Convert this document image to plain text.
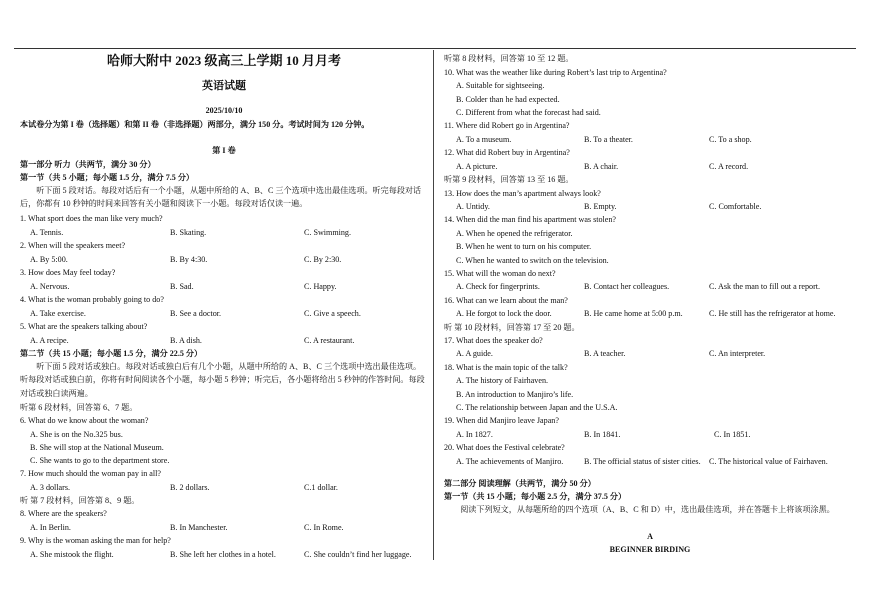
哈师大附中 2023 级高三上学期 10 月月考
英语试题
2025/10/10
本试卷分为第 I 卷（选择题）和第 II 卷（非选择题）两部分，满分 150 分。考试时间为 120 分钟。
第 I 卷
第一部分 听力（共两节，满分 30 分）
第一节（共 5 小题；每小题 1.5 分，满分 7.5 分）
听下面 5 段对话。每段对话后有一个小题，从题中所给的 A、B、C 三个选项中选出最佳选项。听完每段对话后，你都有 10 秒钟的时间来回答有关小题和阅读下一小题。每段对话仅读一遍。
1. What sport does the man like very much?
A. Tennis.	B. Skating.	C. Swimming.
2. When will the speakers meet?
A. By 5:00.	B. By 4:30.	C. By 2:30.
3. How does May feel today?
A. Nervous.	B. Sad.	C. Happy.
4. What is the woman probably going to do?
A. Take exercise.	B. See a doctor.	C. Give a speech.
5. What are the speakers talking about?
A. A recipe.	B. A dish.	C. A restaurant.
第二节（共 15 小题；每小题 1.5 分，满分 22.5 分）
听下面 5 段对话或独白。每段对话或独白后有几个小题，从题中所给的 A、B、C 三个选项中选出最佳选项。听每段对话或独白前，你将有时间阅读各个小题，每小题 5 秒钟；听完后，各小题将给出 5 秒钟的作答时间。每段对话或独白读两遍。
听第 6 段材料，回答第 6、7 题。
6. What do we know about the woman?
A. She is on the No.325 bus.
B. She will stop at the National Museum.
C. She wants to go to the department store.
7. How much should the woman pay in all?
A. 3 dollars.	B. 2 dollars.	C.1 dollar.
听 第 7 段材料，回答第 8、9 题。
8. Where are the speakers?
A. In Berlin.	B. In Manchester.	C. In Rome.
9. Why is the woman asking the man for help?
A. She mistook the flight.	B. She left her clothes in a hotel.	C. She couldn’t find her luggage.
听第 8 段材料，回答第 10 至 12 题。
10. What was the weather like during Robert’s last trip to Argentina?
A. Suitable for sightseeing.
B. Colder than he had expected.
C. Different from what the forecast had said.
11. Where did Robert go in Argentina?
A. To a museum.	B. To a theater.	C. To a shop.
12. What did Robert buy in Argentina?
A. A picture.	B. A chair.	C. A record.
听第 9 段材料，回答第 13 至 16 题。
13. How does the man’s apartment always look?
A. Untidy.	B. Empty.	C. Comfortable.
14. When did the man find his apartment was stolen?
A. When he opened the refrigerator.
B. When he went to turn on his computer.
C. When he wanted to switch on the television.
15. What will the woman do next?
A. Check for fingerprints.	B. Contact her colleagues.	C. Ask the man to fill out a report.
16. What can we learn about the man?
A. He forgot to lock the door.	B. He came home at 5:00 p.m.	C. He still has the refrigerator at home.
听 第 10 段材料，回答第 17 至 20 题。
17. What does the speaker do?
A. A guide.	B. A teacher.	C. An interpreter.
18. What is the main topic of the talk?
A. The history of Fairhaven.
B. An introduction to Manjiro’s life.
C. The relationship between Japan and the U.S.A.
19. When did Manjiro leave Japan?
A. In 1827.	B. In 1841.	C. In 1851.
20. What does the Festival celebrate?
A. The achievements of Manjiro.	B. The official status of sister cities. C. The historical value of Fairhaven.
第二部分 阅读理解（共两节，满分 50 分）
第一节（共 15 小题；每小题 2.5 分，满分 37.5 分）
阅读下列短文，从每题所给的四个选项（A、B、C 和 D）中，选出最佳选项，并在答题卡上将该项涂黑。
A
BEGINNER BIRDING
